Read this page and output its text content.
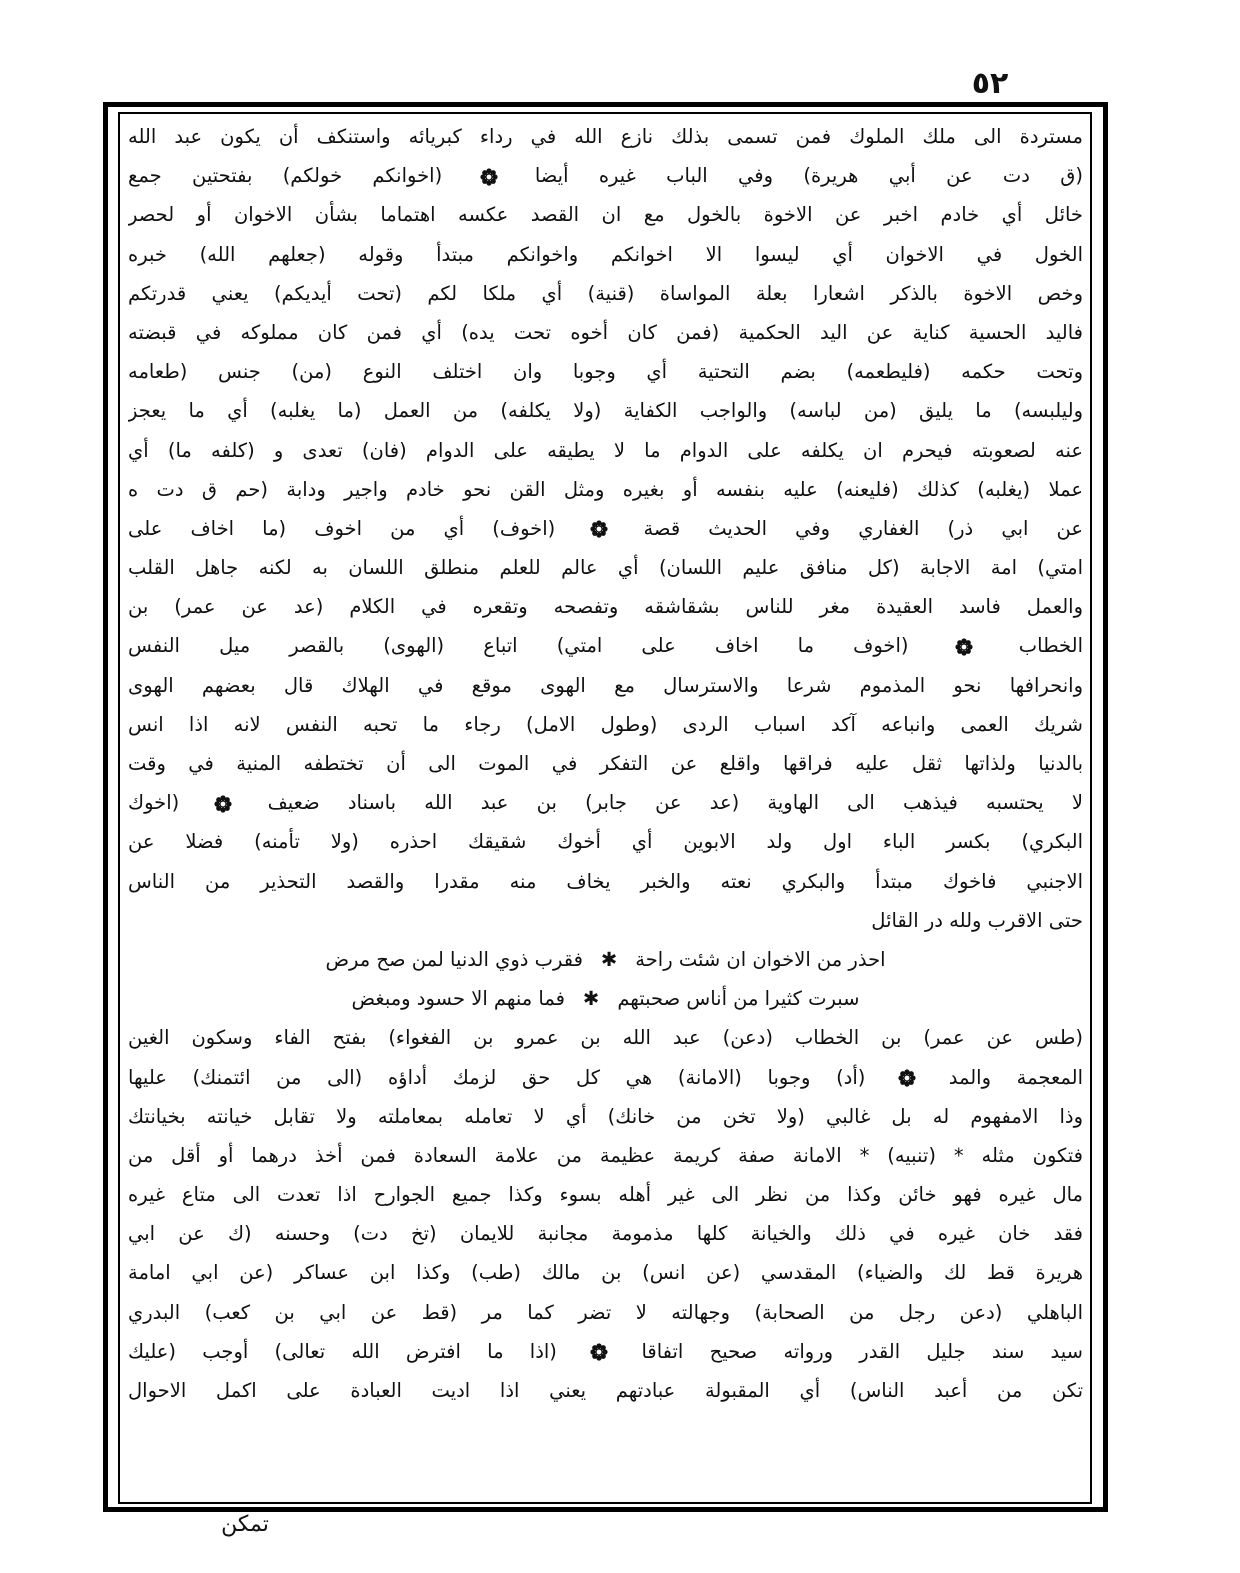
٥٢
مستردة الى ملك الملوك فمن تسمى بذلك نازع الله في رداء كبريائه واستنكف أن يكون عبد الله
(ق دت عن أبي هريرة) وفي الباب غيره أيضا  (اخوانكم خولكم) بفتحتين جمع
خائل أي خادم اخبر عن الاخوة بالخول مع ان القصد عكسه اهتماما بشأن الاخوان أو لحصر
الخول في الاخوان أي ليسوا الا اخوانكم واخوانكم مبتدأ وقوله (جعلهم الله) خبره
وخص الاخوة بالذكر اشعارا بعلة المواساة (قنية) أي ملكا لكم (تحت أيديكم) يعني قدرتكم
فاليد الحسية كناية عن اليد الحكمية (فمن كان أخوه تحت يده) أي فمن كان مملوكه في قبضته
وتحت حكمه (فليطعمه) بضم التحتية أي وجوبا وان اختلف النوع (من) جنس (طعامه
وليلبسه) ما يليق (من لباسه) والواجب الكفاية (ولا يكلفه) من العمل (ما يغلبه) أي ما يعجز
عنه لصعوبته فيحرم ان يكلفه على الدوام ما لا يطيقه على الدوام (فان) تعدى و (كلفه ما) أي
عملا (يغلبه) كذلك (فليعنه) عليه بنفسه أو بغيره ومثل القن نحو خادم واجير ودابة (حم ق دت ه
عن ابي ذر) الغفاري وفي الحديث قصة  (اخوف) أي من اخوف (ما اخاف على
امتي) امة الاجابة (كل منافق عليم اللسان) أي عالم للعلم منطلق اللسان به لكنه جاهل القلب
والعمل فاسد العقيدة مغر للناس بشقاشقه وتفصحه وتقعره في الكلام (عد عن عمر) بن
الخطاب  (اخوف ما اخاف على امتي) اتباع (الهوى) بالقصر ميل النفس
وانحرافها نحو المذموم شرعا والاسترسال مع الهوى موقع في الهلاك قال بعضهم الهوى
شريك العمى وانباعه آكد اسباب الردى (وطول الامل) رجاء ما تحبه النفس لانه اذا انس
بالدنيا ولذاتها ثقل عليه فراقها واقلع عن التفكر في الموت الى أن تختطفه المنية في وقت
لا يحتسبه فيذهب الى الهاوية (عد عن جابر) بن عبد الله باسناد ضعيف  (اخوك
البكري) بكسر الباء اول ولد الابوين أي أخوك شقيقك احذره (ولا تأمنه) فضلا عن
الاجنبي فاخوك مبتدأ والبكري نعته والخبر يخاف منه مقدرا والقصد التحذير من الناس
حتى الاقرب ولله در القائل
احذر من الاخوان ان شئت راحة✱فقرب ذوي الدنيا لمن صح مرض
سبرت كثيرا من أناس صحبتهم✱فما منهم الا حسود ومبغض
(طس عن عمر) بن الخطاب (دعن) عبد الله بن عمرو بن الفغواء) بفتح الفاء وسكون الغين
المعجمة والمد  (أد) وجوبا (الامانة) هي كل حق لزمك أداؤه (الى من ائتمنك) عليها
وذا الامفهوم له بل غالبي (ولا تخن من خانك) أي لا تعامله بمعاملته ولا تقابل خيانته بخيانتك
فتكون مثله * (تنبيه) * الامانة صفة كريمة عظيمة من علامة السعادة فمن أخذ درهما أو أقل من
مال غيره فهو خائن وكذا من نظر الى غير أهله بسوء وكذا جميع الجوارح اذا تعدت الى متاع غيره
فقد خان غيره في ذلك والخيانة كلها مذمومة مجانبة للايمان (تخ دت) وحسنه (ك عن ابي
هريرة قط لك والضياء) المقدسي (عن انس) بن مالك (طب) وكذا ابن عساكر (عن ابي امامة
الباهلي (دعن رجل من الصحابة) وجهالته لا تضر كما مر (قط عن ابي بن كعب) البدري
سيد سند جليل القدر ورواته صحيح اتفاقا  (اذا ما افترض الله تعالى) أوجب (عليك
تكن من أعبد الناس) أي المقبولة عبادتهم يعني اذا اديت العبادة على اكمل الاحوال
تمكن
